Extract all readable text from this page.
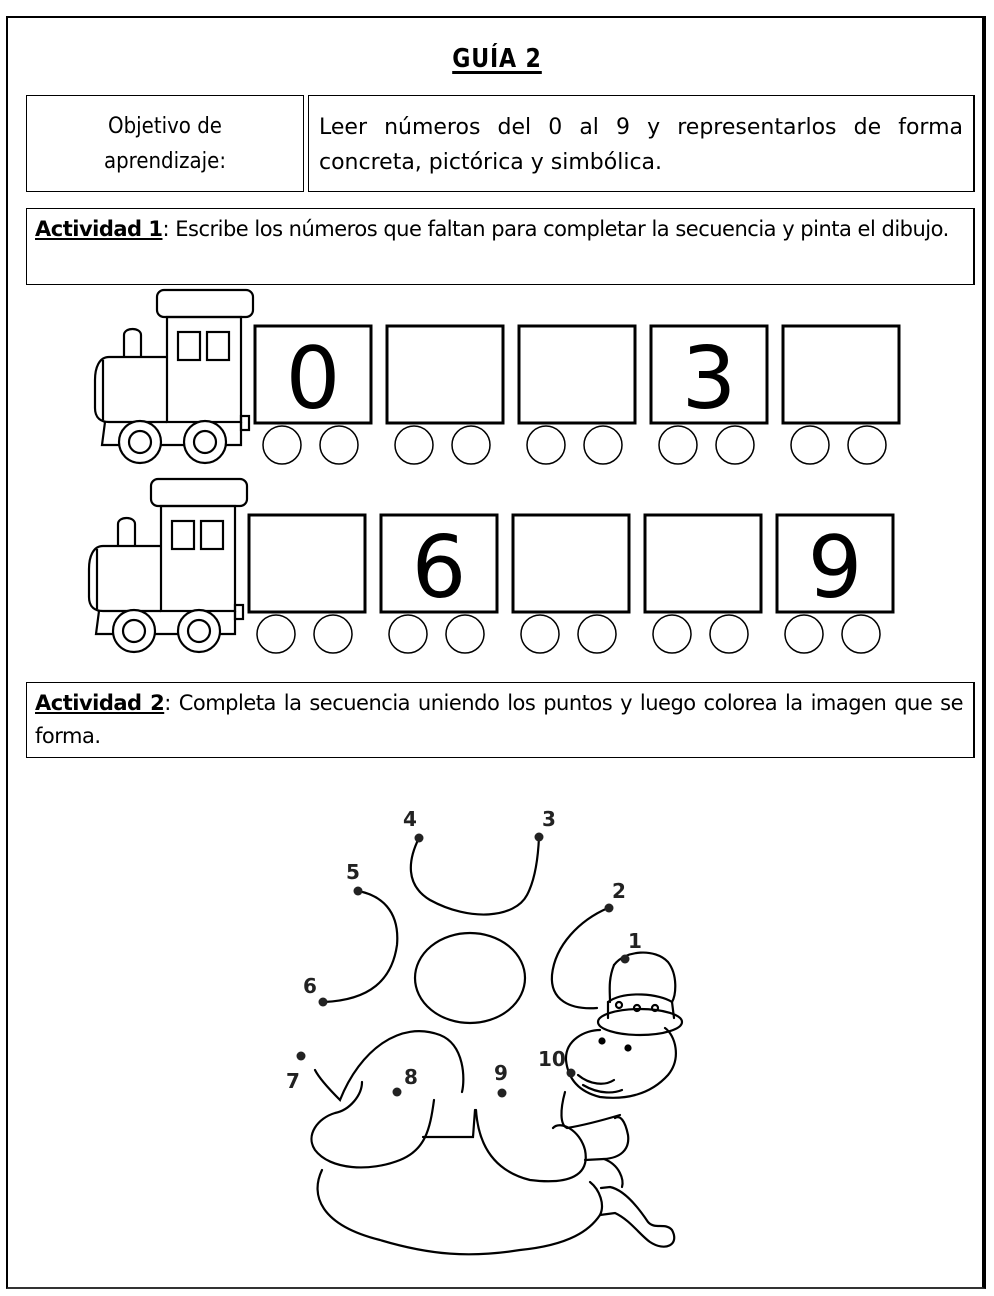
GUÍA 2
Objetivo de
aprendizaje:
Leer números del 0 al 9 y representarlos de forma concreta, pictórica y simbólica.
Actividad 1: Escribe los números que faltan para completar la secuencia y pinta el dibujo.
Actividad 2: Completa la secuencia uniendo los puntos y luego colorea la imagen que se forma.
0	3
6	9
1
2
3
4
5
6
7	8	9
10
